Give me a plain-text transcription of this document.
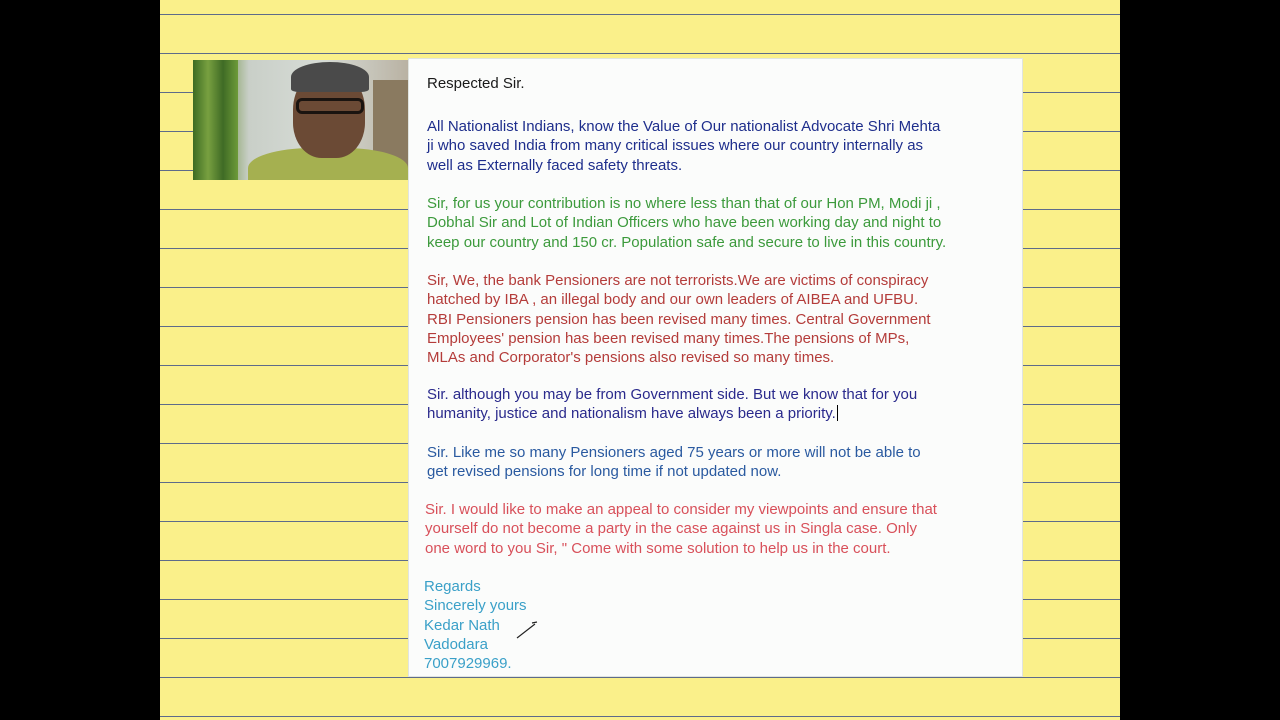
Respected Sir.
All Nationalist Indians, know the Value of Our nationalist Advocate Shri Mehta
ji who saved India from many critical issues where our country internally as
well as Externally faced safety threats.
Sir, for us your contribution is no where less than that of our Hon PM, Modi ji ,
Dobhal Sir and Lot of Indian Officers who have been working day and night to
keep our country and 150 cr. Population safe and secure to live in this country.
Sir, We, the bank Pensioners are not terrorists.We are victims of conspiracy
hatched by IBA , an illegal body and our own leaders of AIBEA and UFBU.
RBI Pensioners pension has been revised many times. Central Government
Employees' pension has been revised many times.The pensions of MPs,
MLAs and Corporator's pensions also revised so many times.
Sir. although you may be from Government side. But we know that for you
humanity, justice and nationalism have always been a priority.
Sir. Like me so many Pensioners aged 75 years or more will not be able to
get revised pensions for long time if not updated now.
Sir. I would like to make an appeal to consider my viewpoints and ensure that
yourself do not become a party in the case against us in Singla case. Only
one word to you Sir, " Come with some solution to help us in the court.
Regards
Sincerely yours
Kedar Nath
Vadodara
7007929969.
